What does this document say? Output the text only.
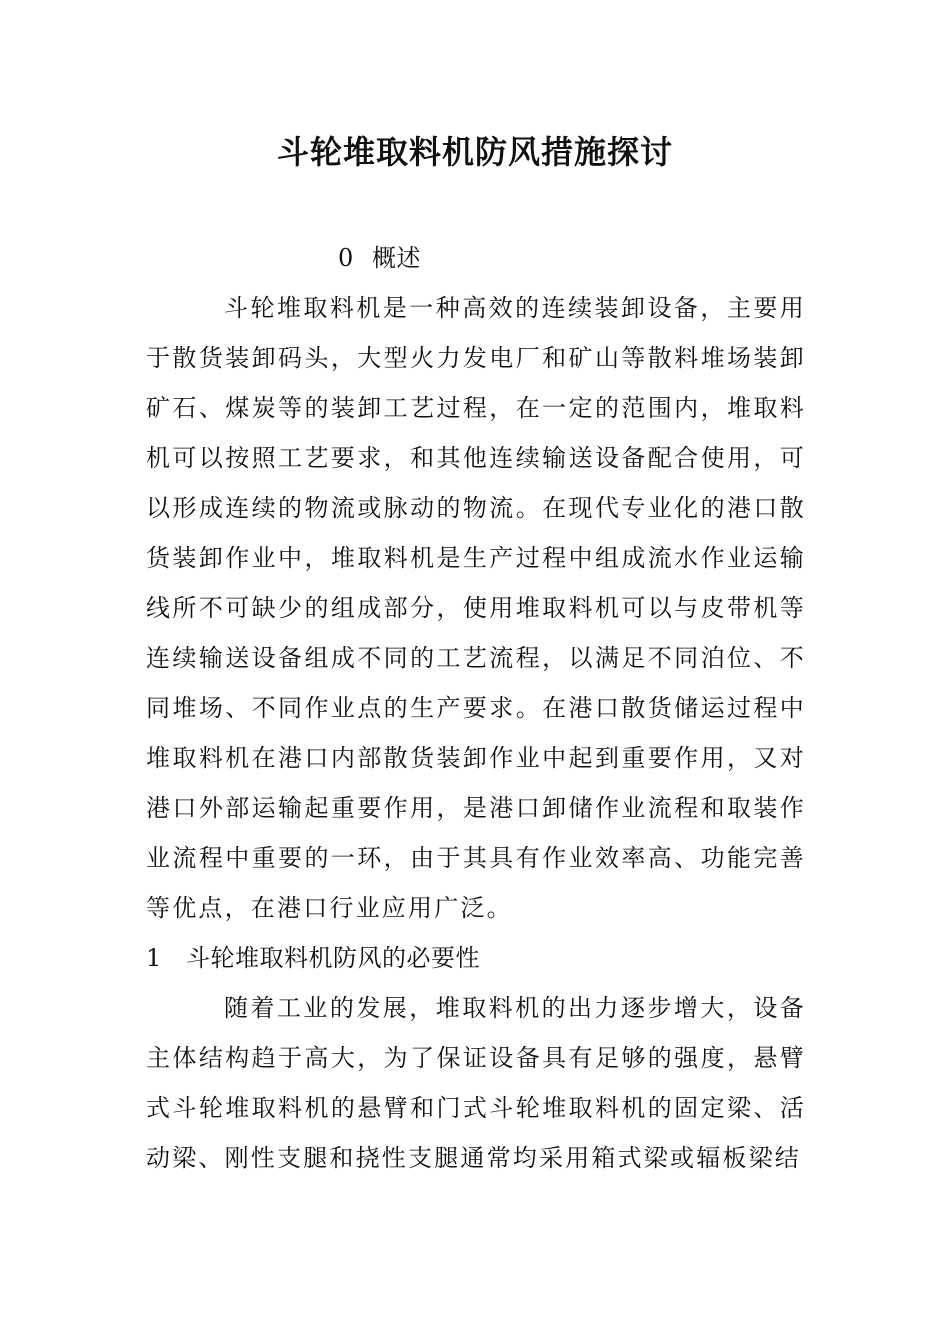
斗轮堆取料机防风措施探讨
0 概述

斗轮堆取料机是一种高效的连续装卸设备，主要用于散货装卸码头，大型火力发电厂和矿山等散料堆场装卸矿石、煤炭等的装卸工艺过程，在一定的范围内，堆取料机可以按照工艺要求，和其他连续输送设备配合使用，可以形成连续的物流或脉动的物流。在现代专业化的港口散货装卸作业中，堆取料机是生产过程中组成流水作业运输线所不可缺少的组成部分，使用堆取料机可以与皮带机等连续输送设备组成不同的工艺流程，以满足不同泊位、不同堆场、不同作业点的生产要求。在港口散货储运过程中堆取料机在港口内部散货装卸作业中起到重要作用，又对港口外部运输起重要作用，是港口卸储作业流程和取装作业流程中重要的一环，由于其具有作业效率高、功能完善等优点，在港口行业应用广泛。

1 斗轮堆取料机防风的必要性

随着工业的发展，堆取料机的出力逐步增大，设备主体结构趋于高大，为了保证设备具有足够的强度，悬臂式斗轮堆取料机的悬臂和门式斗轮堆取料机的固定梁、活动梁、刚性支腿和挠性支腿通常均采用箱式梁或辐板梁结
